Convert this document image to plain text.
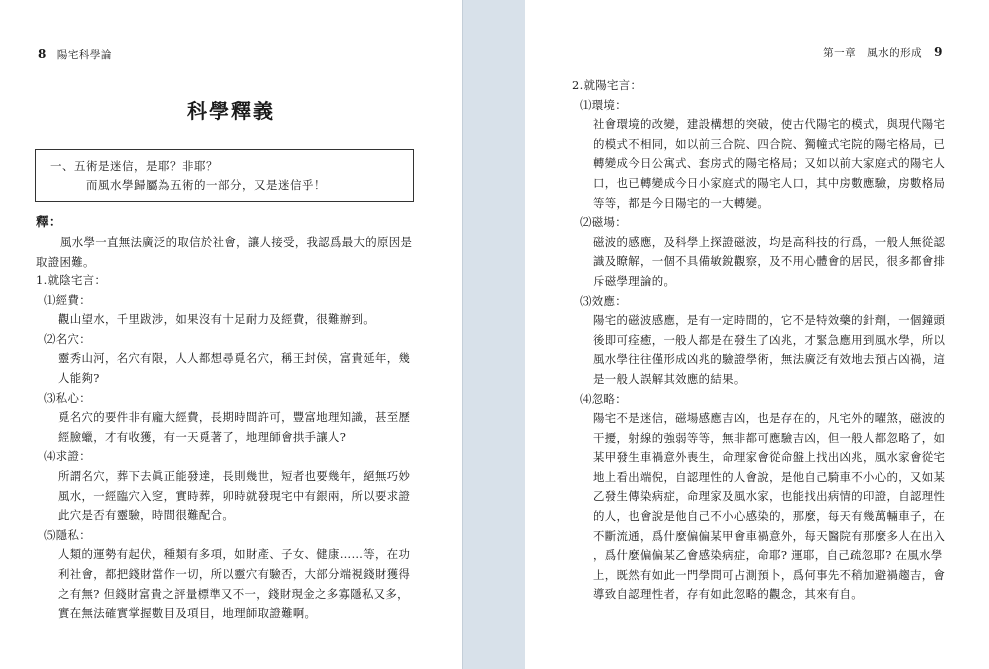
8 陽宅科學論
科學釋義
一、五術是迷信，是耶？非耶？
而風水學歸屬為五術的一部分，又是迷信乎！
釋：

風水學一直無法廣泛的取信於社會，讓人接受，我認爲最大的原因是

取證困難。
1.就陰宅言：
⑴經費：
觀山望水，千里跋涉，如果沒有十足耐力及經費，很難辦到。
⑵名穴：
靈秀山河，名穴有限，人人都想尋覓名穴，稱王封侯，富貴延年，幾
人能夠?
⑶私心：
覓名穴的要件非有龐大經費，長期時間許可，豐富地理知識，甚至歷
經臉蠟，才有收獲，有一天覓著了，地理師會拱手讓人?
⑷求證：
所謂名穴，葬下去眞正能發達，長則幾世，短者也要幾年，絕無巧妙
風水，一經臨穴入窆，實時葬，卯時就發現宅中有銀兩，所以要求證
此穴是否有靈驗，時間很難配合。
⑸隱私：
人類的運勢有起伏，種類有多項，如財產、子女、健康……等，在功
利社會，都把錢財當作一切，所以靈穴有驗否，大部分端視錢財獲得
之有無? 但錢財富貴之評量標準又不一，錢財現金之多寡隱私又多，
實在無法確實掌握數目及項目，地理師取證難啊。
第一章　風水的形成 9
2.就陽宅言：
⑴環境：
社會環境的改變，建設構想的突破，使古代陽宅的模式，與現代陽宅
的模式不相同，如以前三合院、四合院、獨幢式宅院的陽宅格局，已
轉變成今日公寓式、套房式的陽宅格局；又如以前大家庭式的陽宅人
口，也已轉變成今日小家庭式的陽宅人口，其中房數應驗，房數格局
等等，都是今日陽宅的一大轉變。
⑵磁場：
磁波的感應，及科學上探證磁波，均是高科技的行爲，一般人無從認
識及瞭解，一個不具備敏銳觀察，及不用心體會的居民，很多都會排
斥磁學理論的。
⑶效應：
陽宅的磁波感應，是有一定時間的，它不是特效藥的針劑，一個鐘頭
後即可痊癒，一般人都是在發生了凶兆，才緊急應用到風水學，所以
風水學往往僅形成凶兆的驗證學術，無法廣泛有效地去預占凶禍，這
是一般人誤解其效應的結果。
⑷忽略：
陽宅不是迷信，磁場感應吉凶，也是存在的，凡宅外的曜煞，磁波的
干擾，射線的強弱等等，無非都可應驗吉凶，但一般人都忽略了，如
某甲發生車禍意外喪生，命理家會從命盤上找出凶兆，風水家會從宅
地上看出端倪，自認理性的人會說，是他自己騎車不小心的，又如某
乙發生傳染病症，命理家及風水家，也能找出病情的印證，自認理性
的人，也會說是他自己不小心感染的，那麼，每天有幾萬輛車子，在
不斷流通，爲什麼偏偏某甲會車禍意外，每天醫院有那麼多人在出入
，爲什麼偏偏某乙會感染病症，命耶? 運耶，自己疏忽耶? 在風水學
上，既然有如此一門學問可占測預卜，爲何事先不稍加避禍趨吉，會
導致自認理性者，存有如此忽略的觀念，其來有自。
